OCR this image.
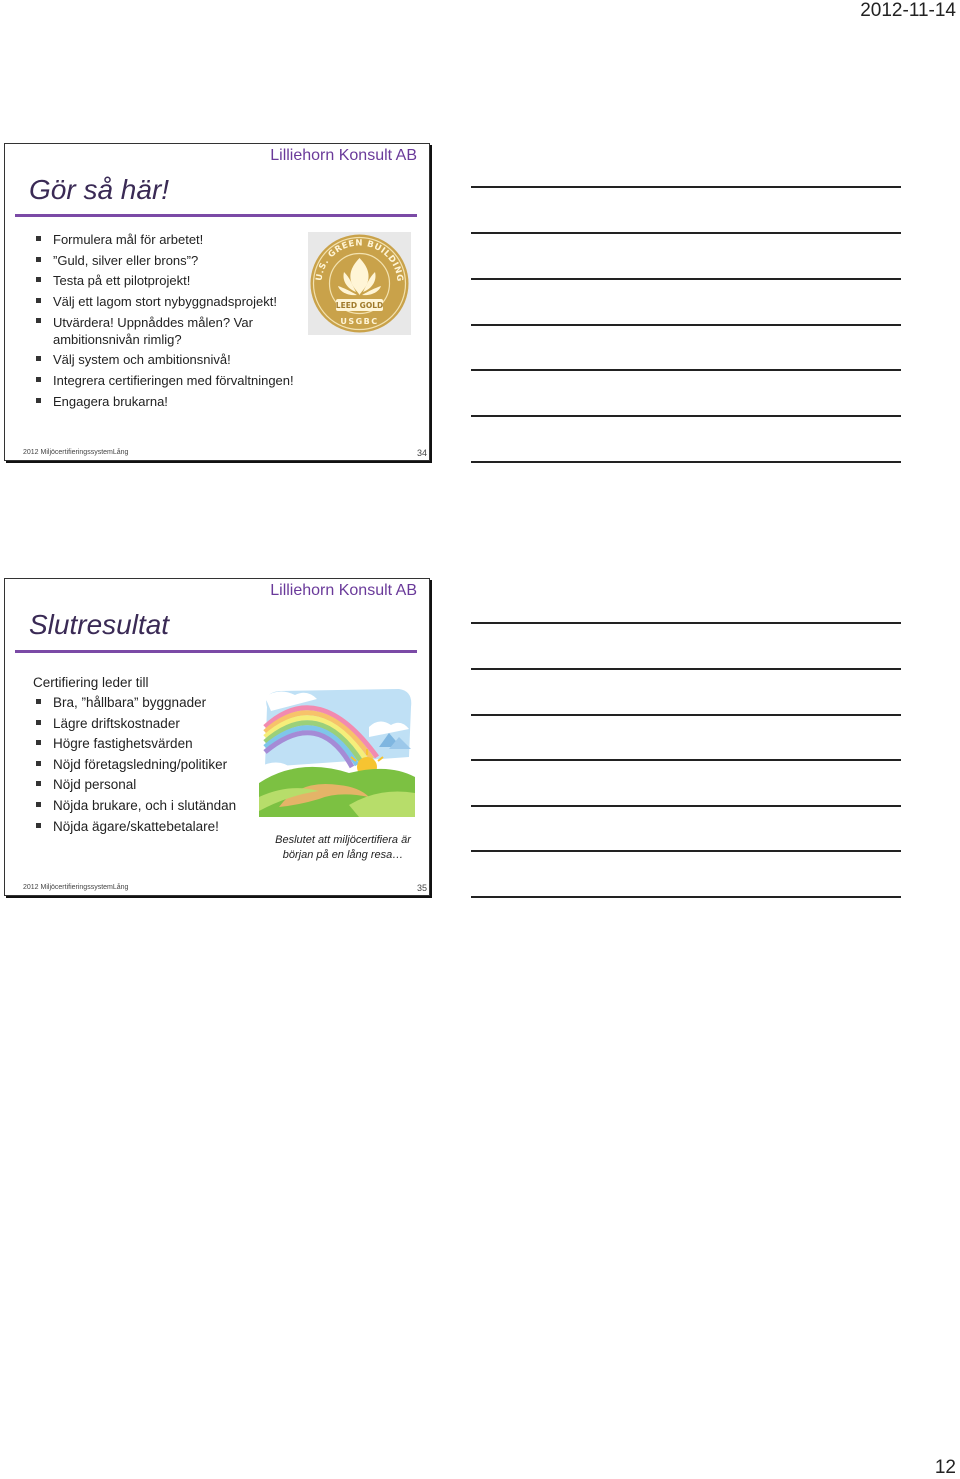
2012-11-14
Lilliehorn Konsult AB
Gör så här!
Formulera mål för arbetet!
”Guld, silver eller brons”?
Testa på ett pilotprojekt!
Välj ett lagom stort nybyggnadsprojekt!
Utvärdera! Uppnåddes målen? Var ambitionsnivån rimlig?
Välj system och ambitionsnivå!
Integrera certifieringen med förvaltningen!
Engagera brukarna!
U.S. GREEN BUILDING
LEED GOLD
USGBC
2012 MiljöcertifieringssystemLång	34
Lilliehorn Konsult AB
Slutresultat
Certifiering leder till
Bra, ”hållbara” byggnader
Lägre driftskostnader
Högre fastighetsvärden
Nöjd företagsledning/politiker
Nöjd personal
Nöjda brukare, och i slutändan
Nöjda ägare/skattebetalare!
Beslutet att miljöcertifiera är början på en lång resa…
2012 MiljöcertifieringssystemLång	35
12
